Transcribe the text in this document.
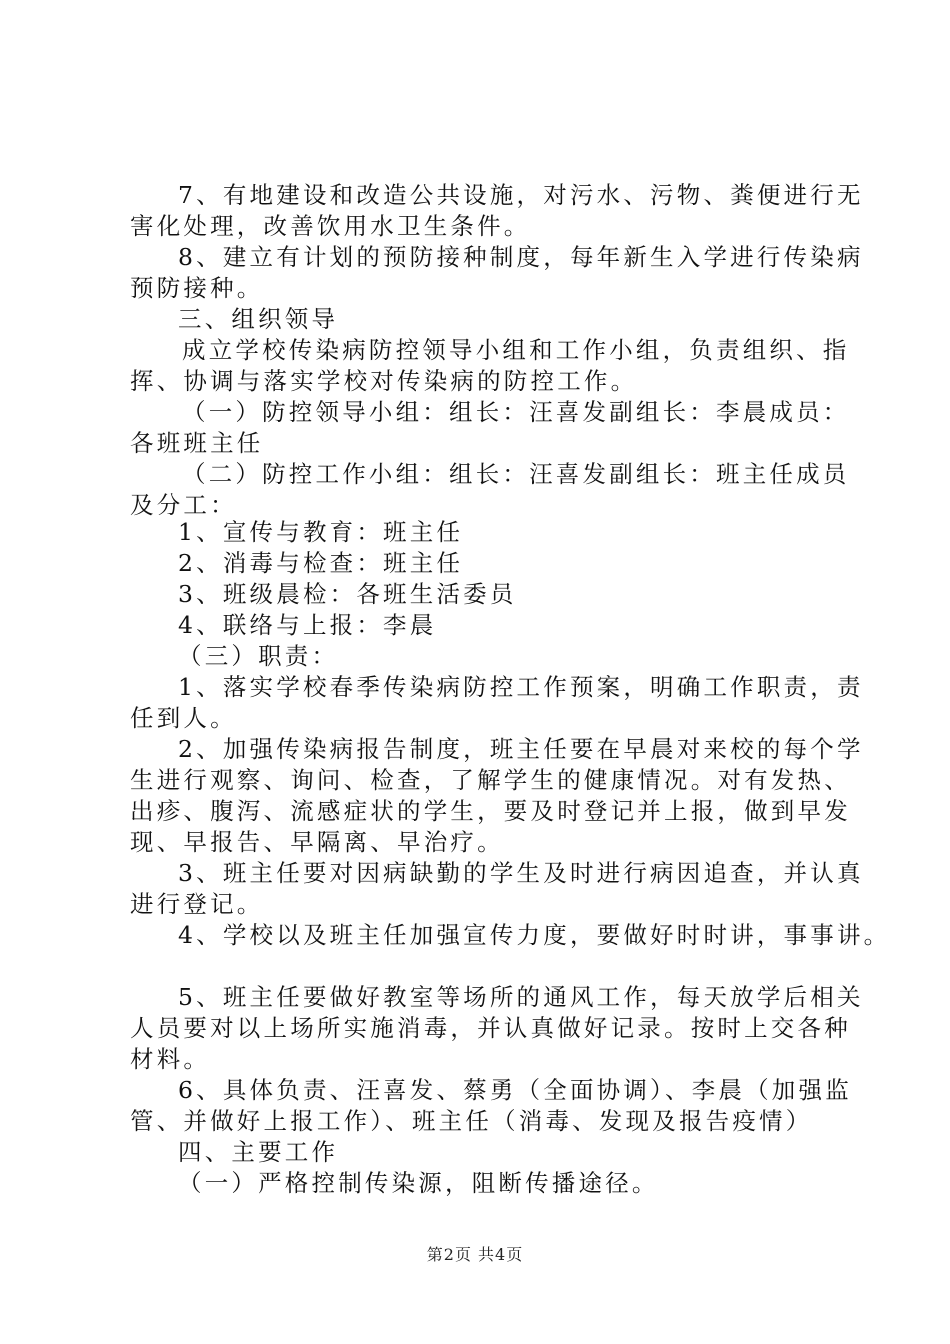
7、有地建设和改造公共设施，对污水、污物、粪便进行无
害化处理，改善饮用水卫生条件。
8、建立有计划的预防接种制度，每年新生入学进行传染病
预防接种。
三、组织领导
成立学校传染病防控领导小组和工作小组，负责组织、指
挥、协调与落实学校对传染病的防控工作。
（一）防控领导小组：组长：汪喜发副组长：李晨成员：
各班班主任
（二）防控工作小组：组长：汪喜发副组长：班主任成员
及分工：
1、宣传与教育：班主任
2、消毒与检查：班主任
3、班级晨检：各班生活委员
4、联络与上报：李晨
（三）职责：
1、落实学校春季传染病防控工作预案，明确工作职责，责
任到人。
2、加强传染病报告制度，班主任要在早晨对来校的每个学
生进行观察、询问、检查，了解学生的健康情况。对有发热、
出疹、腹泻、流感症状的学生，要及时登记并上报，做到早发
现、早报告、早隔离、早治疗。
3、班主任要对因病缺勤的学生及时进行病因追查，并认真
进行登记。
4、学校以及班主任加强宣传力度，要做好时时讲，事事讲。
5、班主任要做好教室等场所的通风工作，每天放学后相关
人员要对以上场所实施消毒，并认真做好记录。按时上交各种
材料。
6、具体负责、汪喜发、蔡勇（全面协调）、李晨（加强监
管、并做好上报工作）、班主任（消毒、发现及报告疫情）
四、主要工作
（一）严格控制传染源，阻断传播途径。
第2页 共4页
